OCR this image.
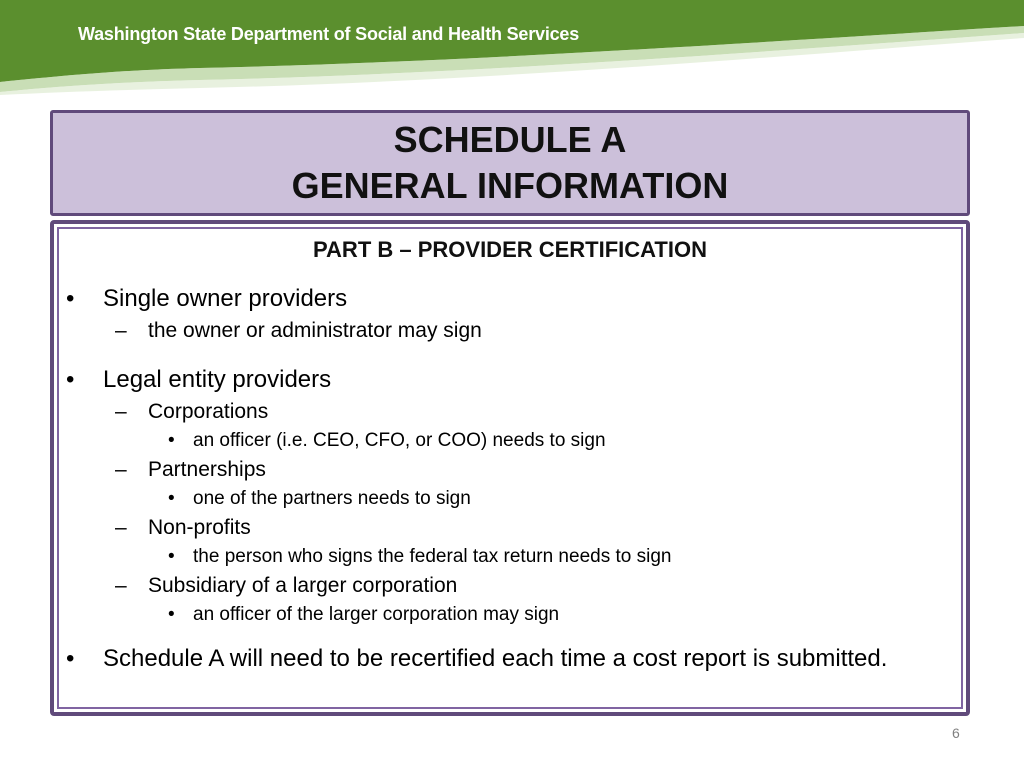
Washington State Department of Social and Health Services
SCHEDULE A
GENERAL INFORMATION
PART B – PROVIDER CERTIFICATION
• Single owner providers
– the owner or administrator may sign
• Legal entity providers
– Corporations
• an officer (i.e. CEO, CFO, or COO) needs to sign
– Partnerships
• one of the partners needs to sign
– Non-profits
• the person who signs the federal tax return needs to sign
– Subsidiary of a larger corporation
• an officer of the larger corporation may sign
• Schedule A will need to be recertified each time a cost report is submitted.
6
